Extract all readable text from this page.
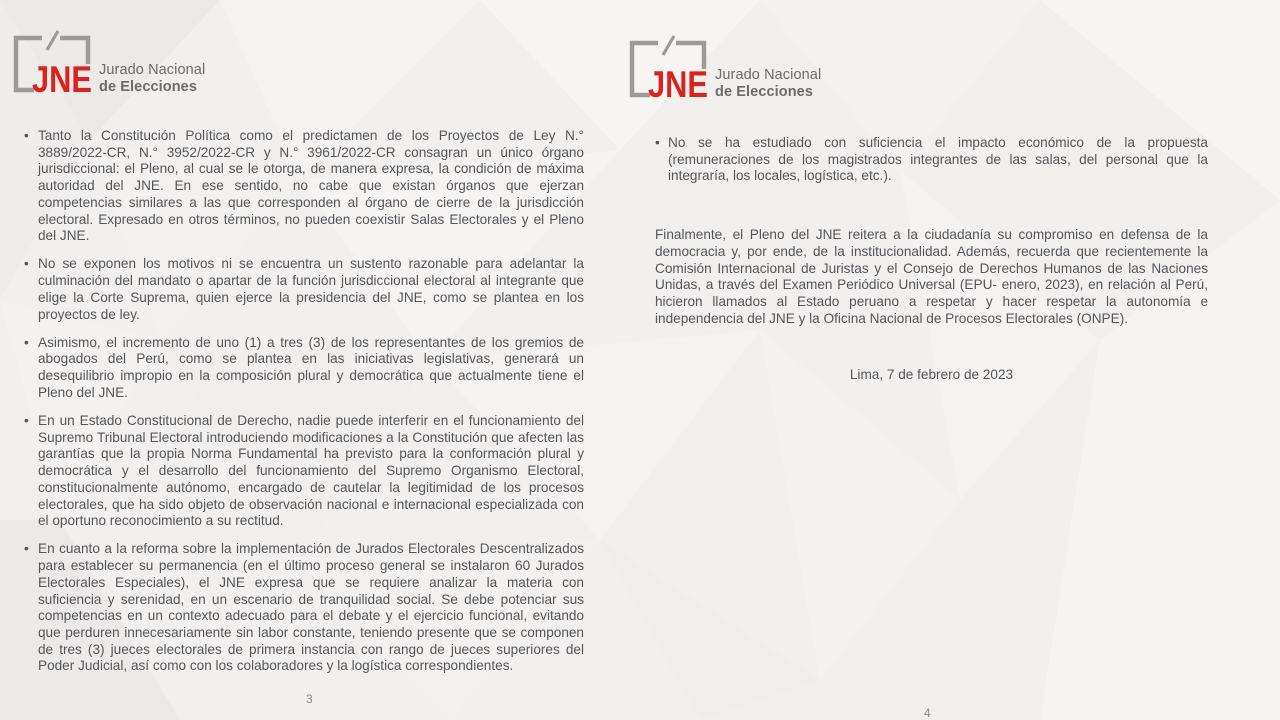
JNE Jurado Nacional
de Elecciones	JNE Jurado Nacional
de Elecciones
• Tanto la Constitución Política como el predictamen de los Proyectos de Ley N.° 3889/2022-CR, N.° 3952/2022-CR y N.° 3961/2022-CR consagran un único órgano jurisdiccional: el Pleno, al cual se le otorga, de manera expresa, la condición de máxima autoridad del JNE. En ese sentido, no cabe que existan órganos que ejerzan competencias similares a las que corresponden al órgano de cierre de la jurisdicción electoral. Expresado en otros términos, no pueden coexistir Salas Electorales y el Pleno del JNE.
• No se exponen los motivos ni se encuentra un sustento razonable para adelantar la culminación del mandato o apartar de la función jurisdiccional electoral al integrante que elige la Corte Suprema, quien ejerce la presidencia del JNE, como se plantea en los proyectos de ley.
• Asimismo, el incremento de uno (1) a tres (3) de los representantes de los gremios de abogados del Perú, como se plantea en las iniciativas legislativas, generará un desequilibrio impropio en la composición plural y democrática que actualmente tiene el Pleno del JNE.
• En un Estado Constitucional de Derecho, nadie puede interferir en el funcionamiento del Supremo Tribunal Electoral introduciendo modificaciones a la Constitución que afecten las garantías que la propia Norma Fundamental ha previsto para la conformación plural y democrática y el desarrollo del funcionamiento del Supremo Organismo Electoral, constitucionalmente autónomo, encargado de cautelar la legitimidad de los procesos electorales, que ha sido objeto de observación nacional e internacional especializada con el oportuno reconocimiento a su rectitud.
• En cuanto a la reforma sobre la implementación de Jurados Electorales Descentralizados para establecer su permanencia (en el último proceso general se instalaron 60 Jurados Electorales Especiales), el JNE expresa que se requiere analizar la materia con suficiencia y serenidad, en un escenario de tranquilidad social. Se debe potenciar sus competencias en un contexto adecuado para el debate y el ejercicio funcional, evitando que perduren innecesariamente sin labor constante, teniendo presente que se componen de tres (3) jueces electorales de primera instancia con rango de jueces superiores del Poder Judicial, así como con los colaboradores y la logística correspondientes.
• No se ha estudiado con suficiencia el impacto económico de la propuesta (remuneraciones de los magistrados integrantes de las salas, del personal que la integraría, los locales, logística, etc.).
Finalmente, el Pleno del JNE reitera a la ciudadanía su compromiso en defensa de la democracia y, por ende, de la institucionalidad. Además, recuerda que recientemente la Comisión Internacional de Juristas y el Consejo de Derechos Humanos de las Naciones Unidas, a través del Examen Periódico Universal (EPU- enero, 2023), en relación al Perú, hicieron llamados al Estado peruano a respetar y hacer respetar la autonomía e independencia del JNE y la Oficina Nacional de Procesos Electorales (ONPE).
Lima, 7 de febrero de 2023
3
4
